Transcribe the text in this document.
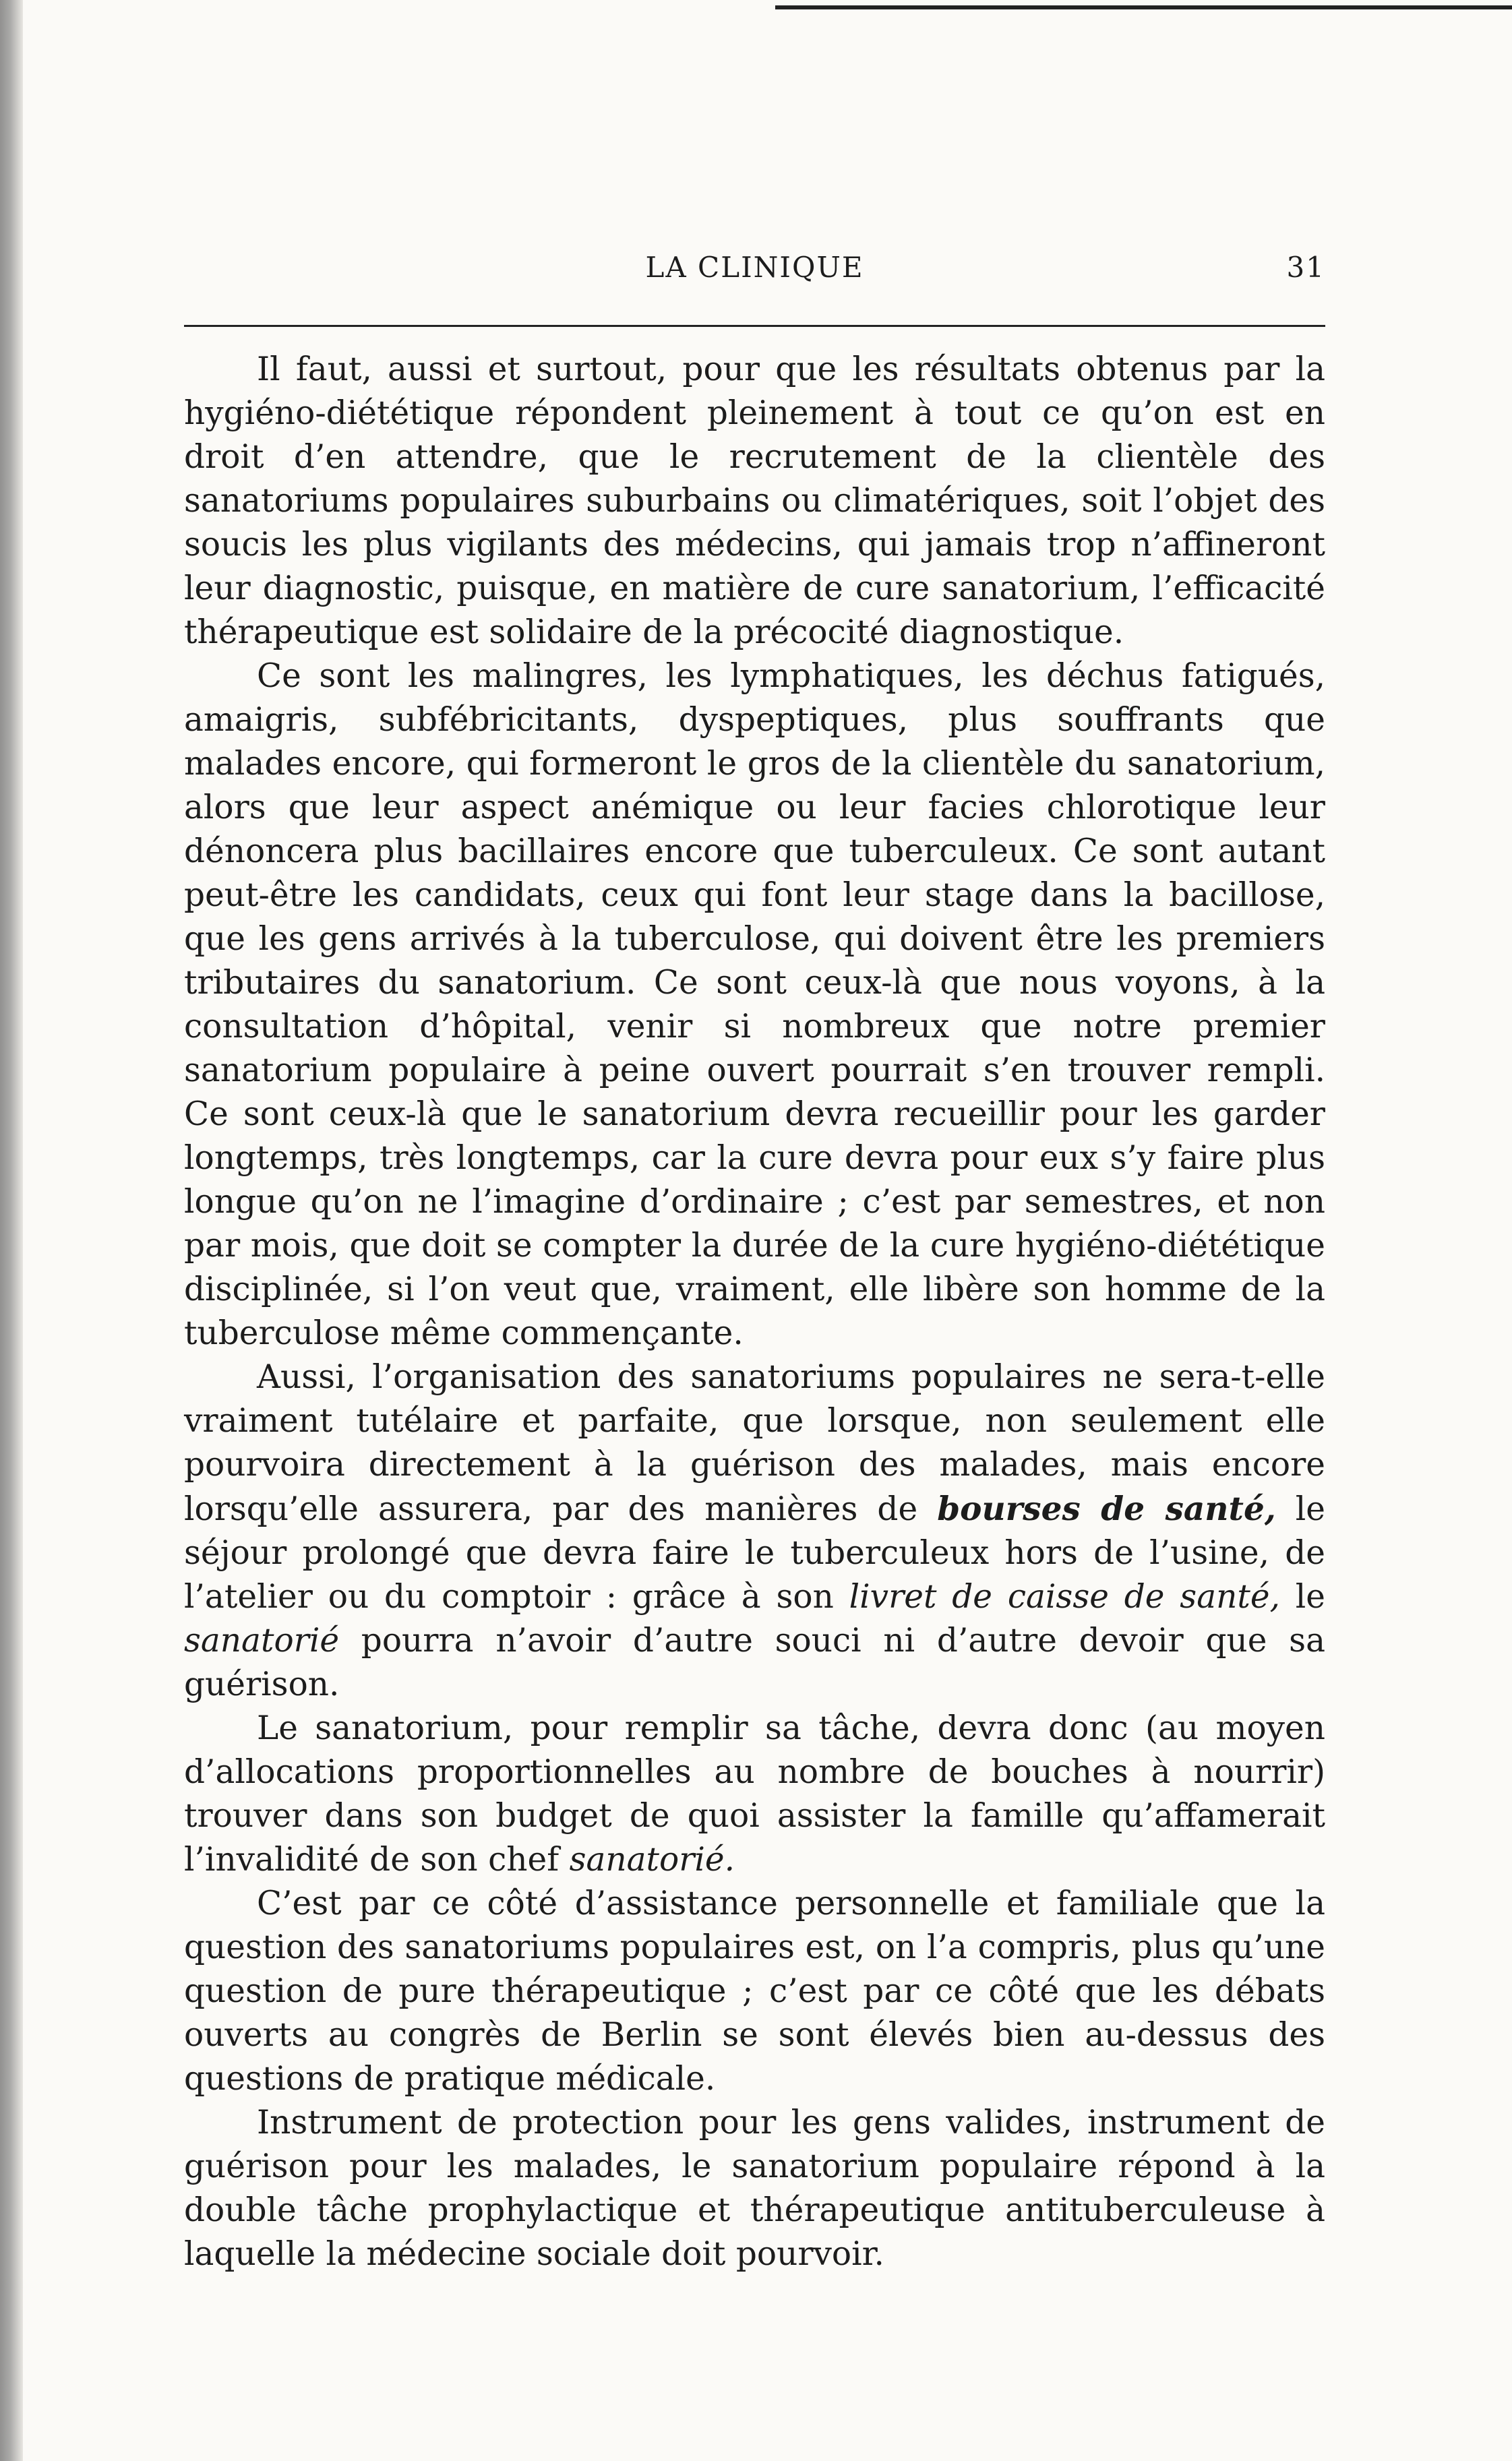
LA CLINIQUE	31

Il faut, aussi et surtout, pour que les résultats obtenus par la hygiéno-diététique répondent pleinement à tout ce qu’on est en droit d’en attendre, que le recrutement de la clientèle des sanatoriums populaires suburbains ou climatériques, soit l’objet des soucis les plus vigilants des médecins, qui jamais trop n’affineront leur diagnostic, puisque, en matière de cure sanatorium, l’efficacité thérapeutique est solidaire de la précocité diagnostique.

Ce sont les malingres, les lymphatiques, les déchus fatigués, amaigris, subfébricitants, dyspeptiques, plus souffrants que malades encore, qui formeront le gros de la clientèle du sanatorium, alors que leur aspect anémique ou leur facies chlorotique leur dénoncera plus bacillaires encore que tuberculeux. Ce sont autant peut-être les candidats, ceux qui font leur stage dans la bacillose, que les gens arrivés à la tuberculose, qui doivent être les premiers tributaires du sanatorium. Ce sont ceux-là que nous voyons, à la consultation d’hôpital, venir si nombreux que notre premier sanatorium populaire à peine ouvert pourrait s’en trouver rempli. Ce sont ceux-là que le sanatorium devra recueillir pour les garder longtemps, très longtemps, car la cure devra pour eux s’y faire plus longue qu’on ne l’imagine d’ordinaire ; c’est par semestres, et non par mois, que doit se compter la durée de la cure hygiéno-diététique disciplinée, si l’on veut que, vraiment, elle libère son homme de la tuberculose même commençante.

Aussi, l’organisation des sanatoriums populaires ne sera-t-elle vraiment tutélaire et parfaite, que lorsque, non seulement elle pourvoira directement à la guérison des malades, mais encore lorsqu’elle assurera, par des manières de bourses de santé, le séjour prolongé que devra faire le tuberculeux hors de l’usine, de l’atelier ou du comptoir : grâce à son livret de caisse de santé, le sanatorié pourra n’avoir d’autre souci ni d’autre devoir que sa guérison.

Le sanatorium, pour remplir sa tâche, devra donc (au moyen d’allocations proportionnelles au nombre de bouches à nourrir) trouver dans son budget de quoi assister la famille qu’affamerait l’invalidité de son chef sanatorié.

C’est par ce côté d’assistance personnelle et familiale que la question des sanatoriums populaires est, on l’a compris, plus qu’une question de pure thérapeutique ; c’est par ce côté que les débats ouverts au congrès de Berlin se sont élevés bien au-dessus des questions de pratique médicale.

Instrument de protection pour les gens valides, instrument de guérison pour les malades, le sanatorium populaire répond à la double tâche prophylactique et thérapeutique antituberculeuse à laquelle la médecine sociale doit pourvoir.
